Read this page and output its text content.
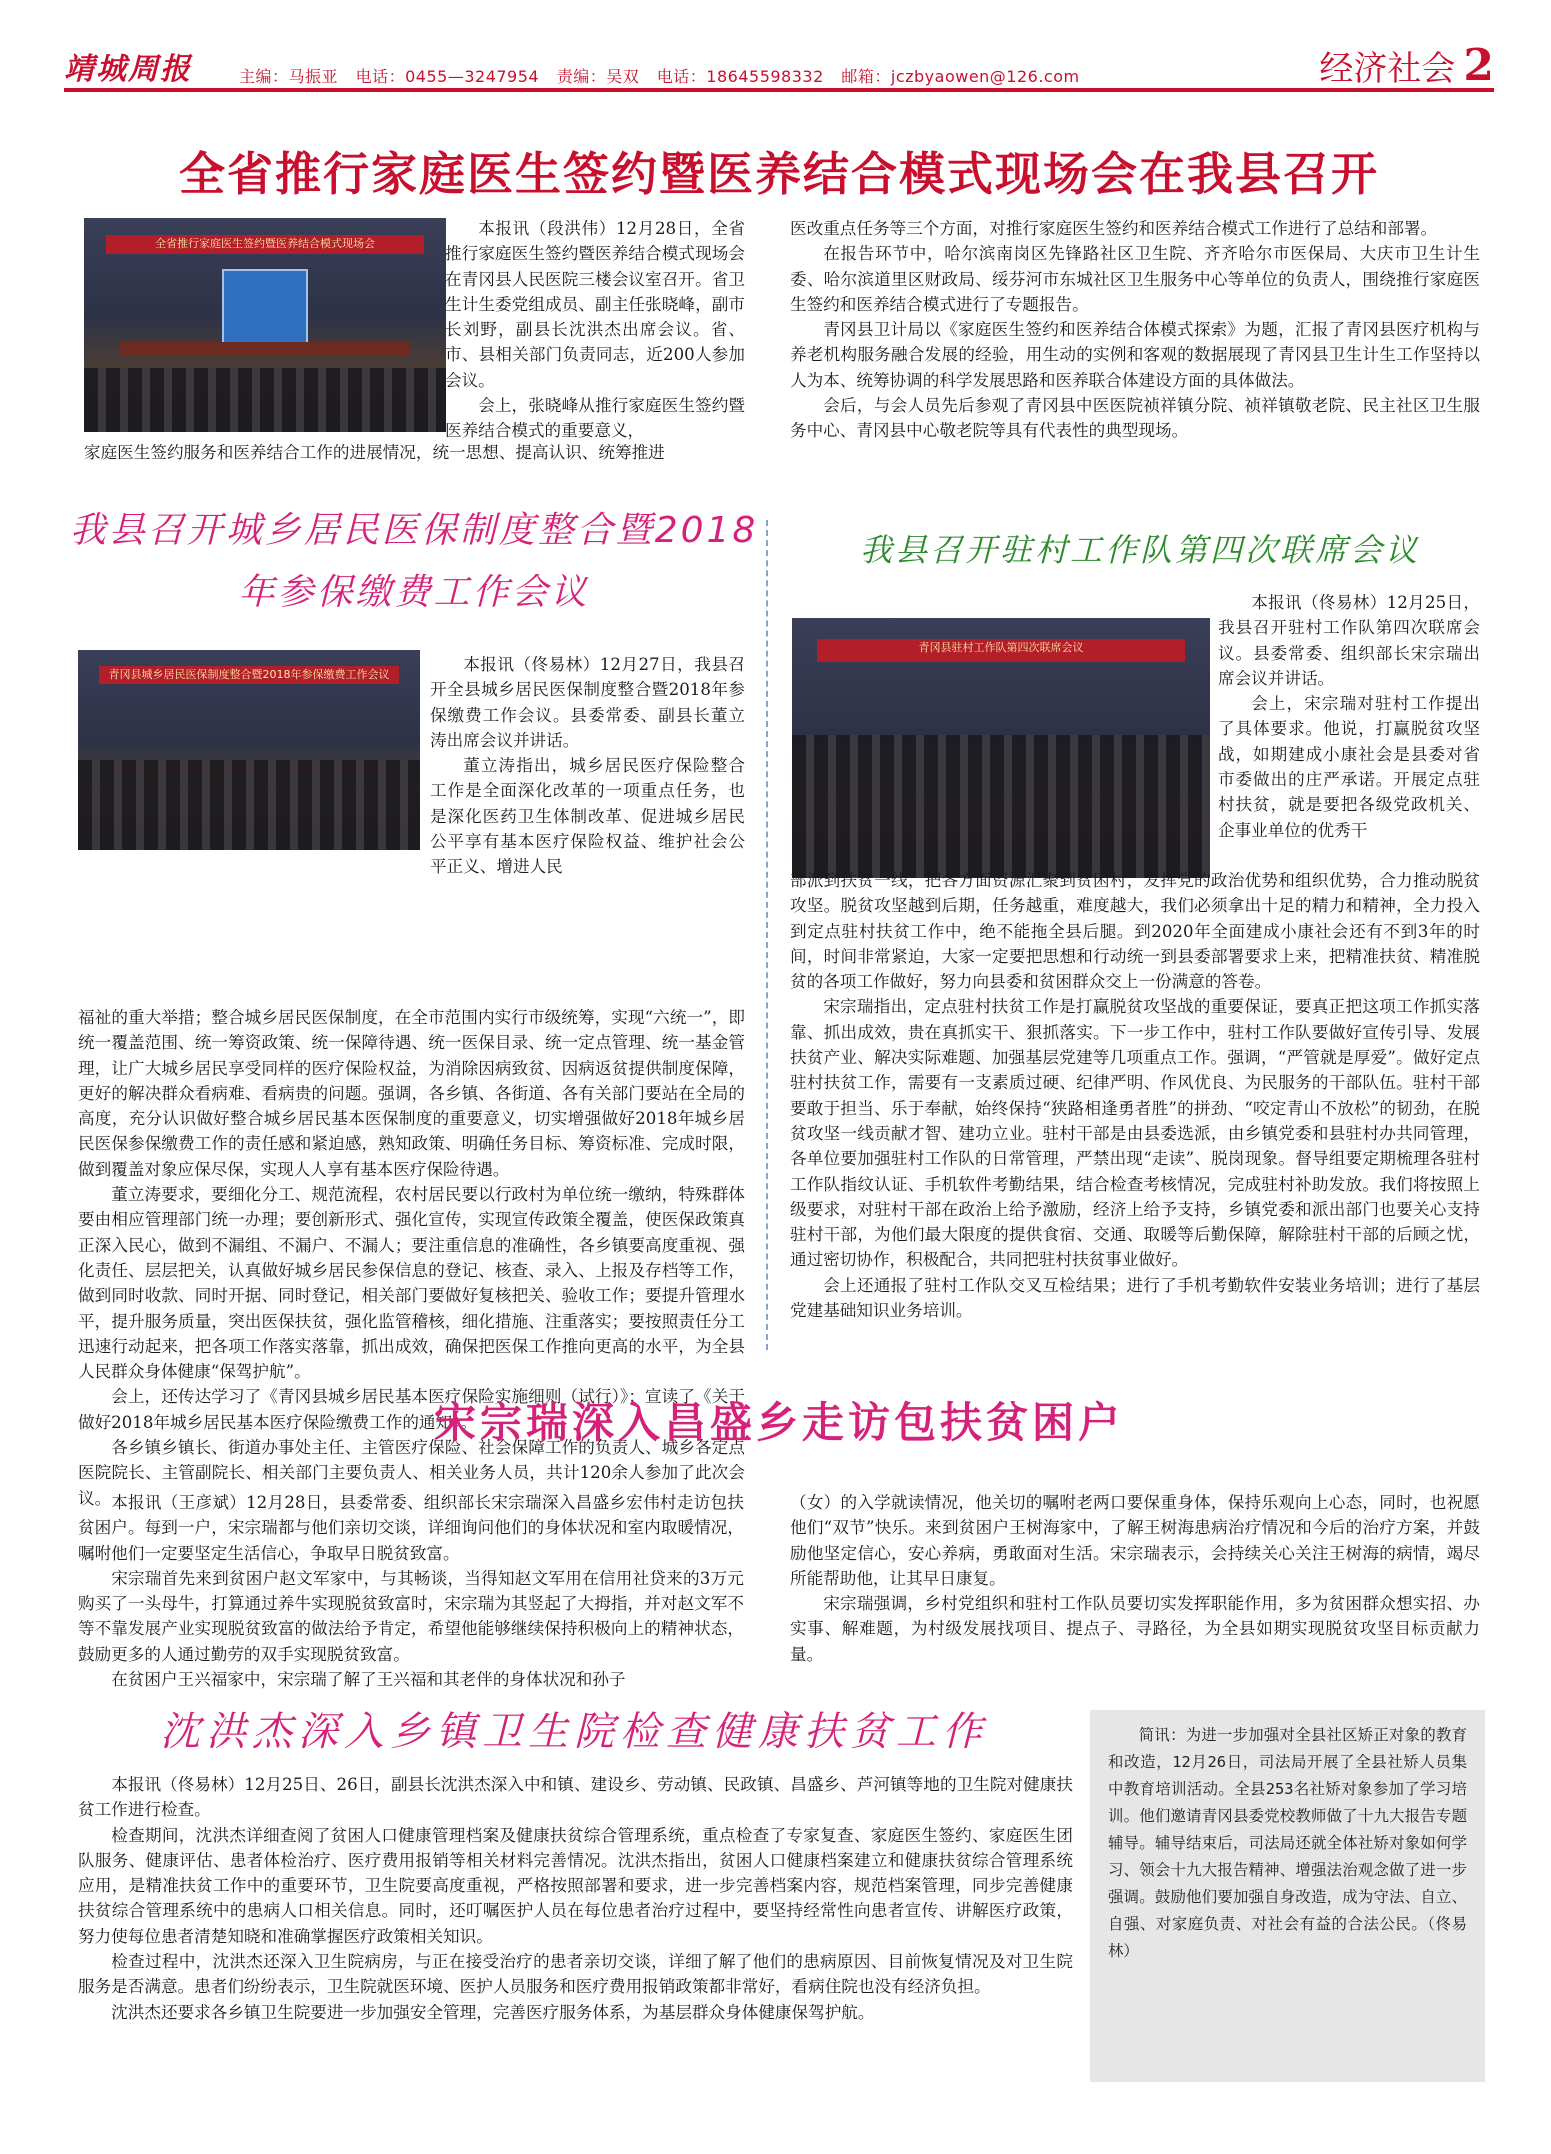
靖城周报	主编：马振亚 电话：0455—3247954 责编：吴双 电话：18645598332 邮箱：jczbyaowen@126.com	经济社会 2
全省推行家庭医生签约暨医养结合模式现场会在我县召开
全省推行家庭医生签约暨医养结合模式现场会

本报讯（段洪伟）12月28日，全省推行家庭医生签约暨医养结合模式现场会在青冈县人民医院三楼会议室召开。省卫生计生委党组成员、副主任张晓峰，副市长刘野，副县长沈洪杰出席会议。省、市、县相关部门负责同志，近200人参加会议。

会上，张晓峰从推行家庭医生签约暨医养结合模式的重要意义，

家庭医生签约服务和医养结合工作的进展情况，统一思想、提高认识、统筹推进

医改重点任务等三个方面，对推行家庭医生签约和医养结合模式工作进行了总结和部署。

在报告环节中，哈尔滨南岗区先锋路社区卫生院、齐齐哈尔市医保局、大庆市卫生计生委、哈尔滨道里区财政局、绥芬河市东城社区卫生服务中心等单位的负责人，围绕推行家庭医生签约和医养结合模式进行了专题报告。

青冈县卫计局以《家庭医生签约和医养结合体模式探索》为题，汇报了青冈县医疗机构与养老机构服务融合发展的经验，用生动的实例和客观的数据展现了青冈县卫生计生工作坚持以人为本、统筹协调的科学发展思路和医养联合体建设方面的具体做法。

会后，与会人员先后参观了青冈县中医医院祯祥镇分院、祯祥镇敬老院、民主社区卫生服务中心、青冈县中心敬老院等具有代表性的典型现场。

我县召开城乡居民医保制度整合暨2018年参保缴费工作会议
青冈县城乡居民医保制度整合暨2018年参保缴费工作会议

本报讯（佟易林）12月27日，我县召开全县城乡居民医保制度整合暨2018年参保缴费工作会议。县委常委、副县长董立涛出席会议并讲话。

董立涛指出，城乡居民医疗保险整合工作是全面深化改革的一项重点任务，也是深化医药卫生体制改革、促进城乡居民公平享有基本医疗保险权益、维护社会公平正义、增进人民

福祉的重大举措；整合城乡居民医保制度，在全市范围内实行市级统筹，实现“六统一”，即统一覆盖范围、统一筹资政策、统一保障待遇、统一医保目录、统一定点管理、统一基金管理，让广大城乡居民享受同样的医疗保险权益，为消除因病致贫、因病返贫提供制度保障，更好的解决群众看病难、看病贵的问题。强调，各乡镇、各街道、各有关部门要站在全局的高度，充分认识做好整合城乡居民基本医保制度的重要意义，切实增强做好2018年城乡居民医保参保缴费工作的责任感和紧迫感，熟知政策、明确任务目标、筹资标准、完成时限，做到覆盖对象应保尽保，实现人人享有基本医疗保险待遇。

董立涛要求，要细化分工、规范流程，农村居民要以行政村为单位统一缴纳，特殊群体要由相应管理部门统一办理；要创新形式、强化宣传，实现宣传政策全覆盖，使医保政策真正深入民心，做到不漏组、不漏户、不漏人；要注重信息的准确性，各乡镇要高度重视、强化责任、层层把关，认真做好城乡居民参保信息的登记、核查、录入、上报及存档等工作，做到同时收款、同时开据、同时登记，相关部门要做好复核把关、验收工作；要提升管理水平，提升服务质量，突出医保扶贫，强化监管稽核，细化措施、注重落实；要按照责任分工迅速行动起来，把各项工作落实落靠，抓出成效，确保把医保工作推向更高的水平，为全县人民群众身体健康“保驾护航”。

会上，还传达学习了《青冈县城乡居民基本医疗保险实施细则（试行）》；宣读了《关于做好2018年城乡居民基本医疗保险缴费工作的通知》。

各乡镇乡镇长、街道办事处主任、主管医疗保险、社会保障工作的负责人、城乡各定点医院院长、主管副院长、相关部门主要负责人、相关业务人员，共计120余人参加了此次会议。

我县召开驻村工作队第四次联席会议
青冈县驻村工作队第四次联席会议

本报讯（佟易林）12月25日，我县召开驻村工作队第四次联席会议。县委常委、组织部长宋宗瑞出席会议并讲话。

会上，宋宗瑞对驻村工作提出了具体要求。他说，打赢脱贫攻坚战，如期建成小康社会是县委对省市委做出的庄严承诺。开展定点驻村扶贫，就是要把各级党政机关、企事业单位的优秀干

部派到扶贫一线，把各方面资源汇聚到贫困村，发挥党的政治优势和组织优势，合力推动脱贫攻坚。脱贫攻坚越到后期，任务越重，难度越大，我们必须拿出十足的精力和精神，全力投入到定点驻村扶贫工作中，绝不能拖全县后腿。到2020年全面建成小康社会还有不到3年的时间，时间非常紧迫，大家一定要把思想和行动统一到县委部署要求上来，把精准扶贫、精准脱贫的各项工作做好，努力向县委和贫困群众交上一份满意的答卷。

宋宗瑞指出，定点驻村扶贫工作是打赢脱贫攻坚战的重要保证，要真正把这项工作抓实落靠、抓出成效，贵在真抓实干、狠抓落实。下一步工作中，驻村工作队要做好宣传引导、发展扶贫产业、解决实际难题、加强基层党建等几项重点工作。强调，“严管就是厚爱”。做好定点驻村扶贫工作，需要有一支素质过硬、纪律严明、作风优良、为民服务的干部队伍。驻村干部要敢于担当、乐于奉献，始终保持“狭路相逢勇者胜”的拼劲、“咬定青山不放松”的韧劲，在脱贫攻坚一线贡献才智、建功立业。驻村干部是由县委选派，由乡镇党委和县驻村办共同管理，各单位要加强驻村工作队的日常管理，严禁出现“走读”、脱岗现象。督导组要定期梳理各驻村工作队指纹认证、手机软件考勤结果，结合检查考核情况，完成驻村补助发放。我们将按照上级要求，对驻村干部在政治上给予激励，经济上给予支持，乡镇党委和派出部门也要关心支持驻村干部，为他们最大限度的提供食宿、交通、取暖等后勤保障，解除驻村干部的后顾之忧，通过密切协作，积极配合，共同把驻村扶贫事业做好。

会上还通报了驻村工作队交叉互检结果；进行了手机考勤软件安装业务培训；进行了基层党建基础知识业务培训。

宋宗瑞深入昌盛乡走访包扶贫困户

本报讯（王彦斌）12月28日，县委常委、组织部长宋宗瑞深入昌盛乡宏伟村走访包扶贫困户。每到一户，宋宗瑞都与他们亲切交谈，详细询问他们的身体状况和室内取暖情况，嘱咐他们一定要坚定生活信心，争取早日脱贫致富。

宋宗瑞首先来到贫困户赵文军家中，与其畅谈，当得知赵文军用在信用社贷来的3万元购买了一头母牛，打算通过养牛实现脱贫致富时，宋宗瑞为其竖起了大拇指，并对赵文军不等不靠发展产业实现脱贫致富的做法给予肯定，希望他能够继续保持积极向上的精神状态，鼓励更多的人通过勤劳的双手实现脱贫致富。

在贫困户王兴福家中，宋宗瑞了解了王兴福和其老伴的身体状况和孙子

（女）的入学就读情况，他关切的嘱咐老两口要保重身体，保持乐观向上心态，同时，也祝愿他们“双节”快乐。来到贫困户王树海家中，了解王树海患病治疗情况和今后的治疗方案，并鼓励他坚定信心，安心养病，勇敢面对生活。宋宗瑞表示，会持续关心关注王树海的病情，竭尽所能帮助他，让其早日康复。

宋宗瑞强调，乡村党组织和驻村工作队员要切实发挥职能作用，多为贫困群众想实招、办实事、解难题，为村级发展找项目、提点子、寻路径，为全县如期实现脱贫攻坚目标贡献力量。

沈洪杰深入乡镇卫生院检查健康扶贫工作

本报讯（佟易林）12月25日、26日，副县长沈洪杰深入中和镇、建设乡、劳动镇、民政镇、昌盛乡、芦河镇等地的卫生院对健康扶贫工作进行检查。

检查期间，沈洪杰详细查阅了贫困人口健康管理档案及健康扶贫综合管理系统，重点检查了专家复查、家庭医生签约、家庭医生团队服务、健康评估、患者体检治疗、医疗费用报销等相关材料完善情况。沈洪杰指出，贫困人口健康档案建立和健康扶贫综合管理系统应用，是精准扶贫工作中的重要环节，卫生院要高度重视，严格按照部署和要求，进一步完善档案内容，规范档案管理，同步完善健康扶贫综合管理系统中的患病人口相关信息。同时，还叮嘱医护人员在每位患者治疗过程中，要坚持经常性向患者宣传、讲解医疗政策，努力使每位患者清楚知晓和准确掌握医疗政策相关知识。

检查过程中，沈洪杰还深入卫生院病房，与正在接受治疗的患者亲切交谈，详细了解了他们的患病原因、目前恢复情况及对卫生院服务是否满意。患者们纷纷表示，卫生院就医环境、医护人员服务和医疗费用报销政策都非常好，看病住院也没有经济负担。

沈洪杰还要求各乡镇卫生院要进一步加强安全管理，完善医疗服务体系，为基层群众身体健康保驾护航。

简讯：为进一步加强对全县社区矫正对象的教育和改造，12月26日，司法局开展了全县社矫人员集中教育培训活动。全县253名社矫对象参加了学习培训。他们邀请青冈县委党校教师做了十九大报告专题辅导。辅导结束后，司法局还就全体社矫对象如何学习、领会十九大报告精神、增强法治观念做了进一步强调。鼓励他们要加强自身改造，成为守法、自立、自强、对家庭负责、对社会有益的合法公民。（佟易林）
